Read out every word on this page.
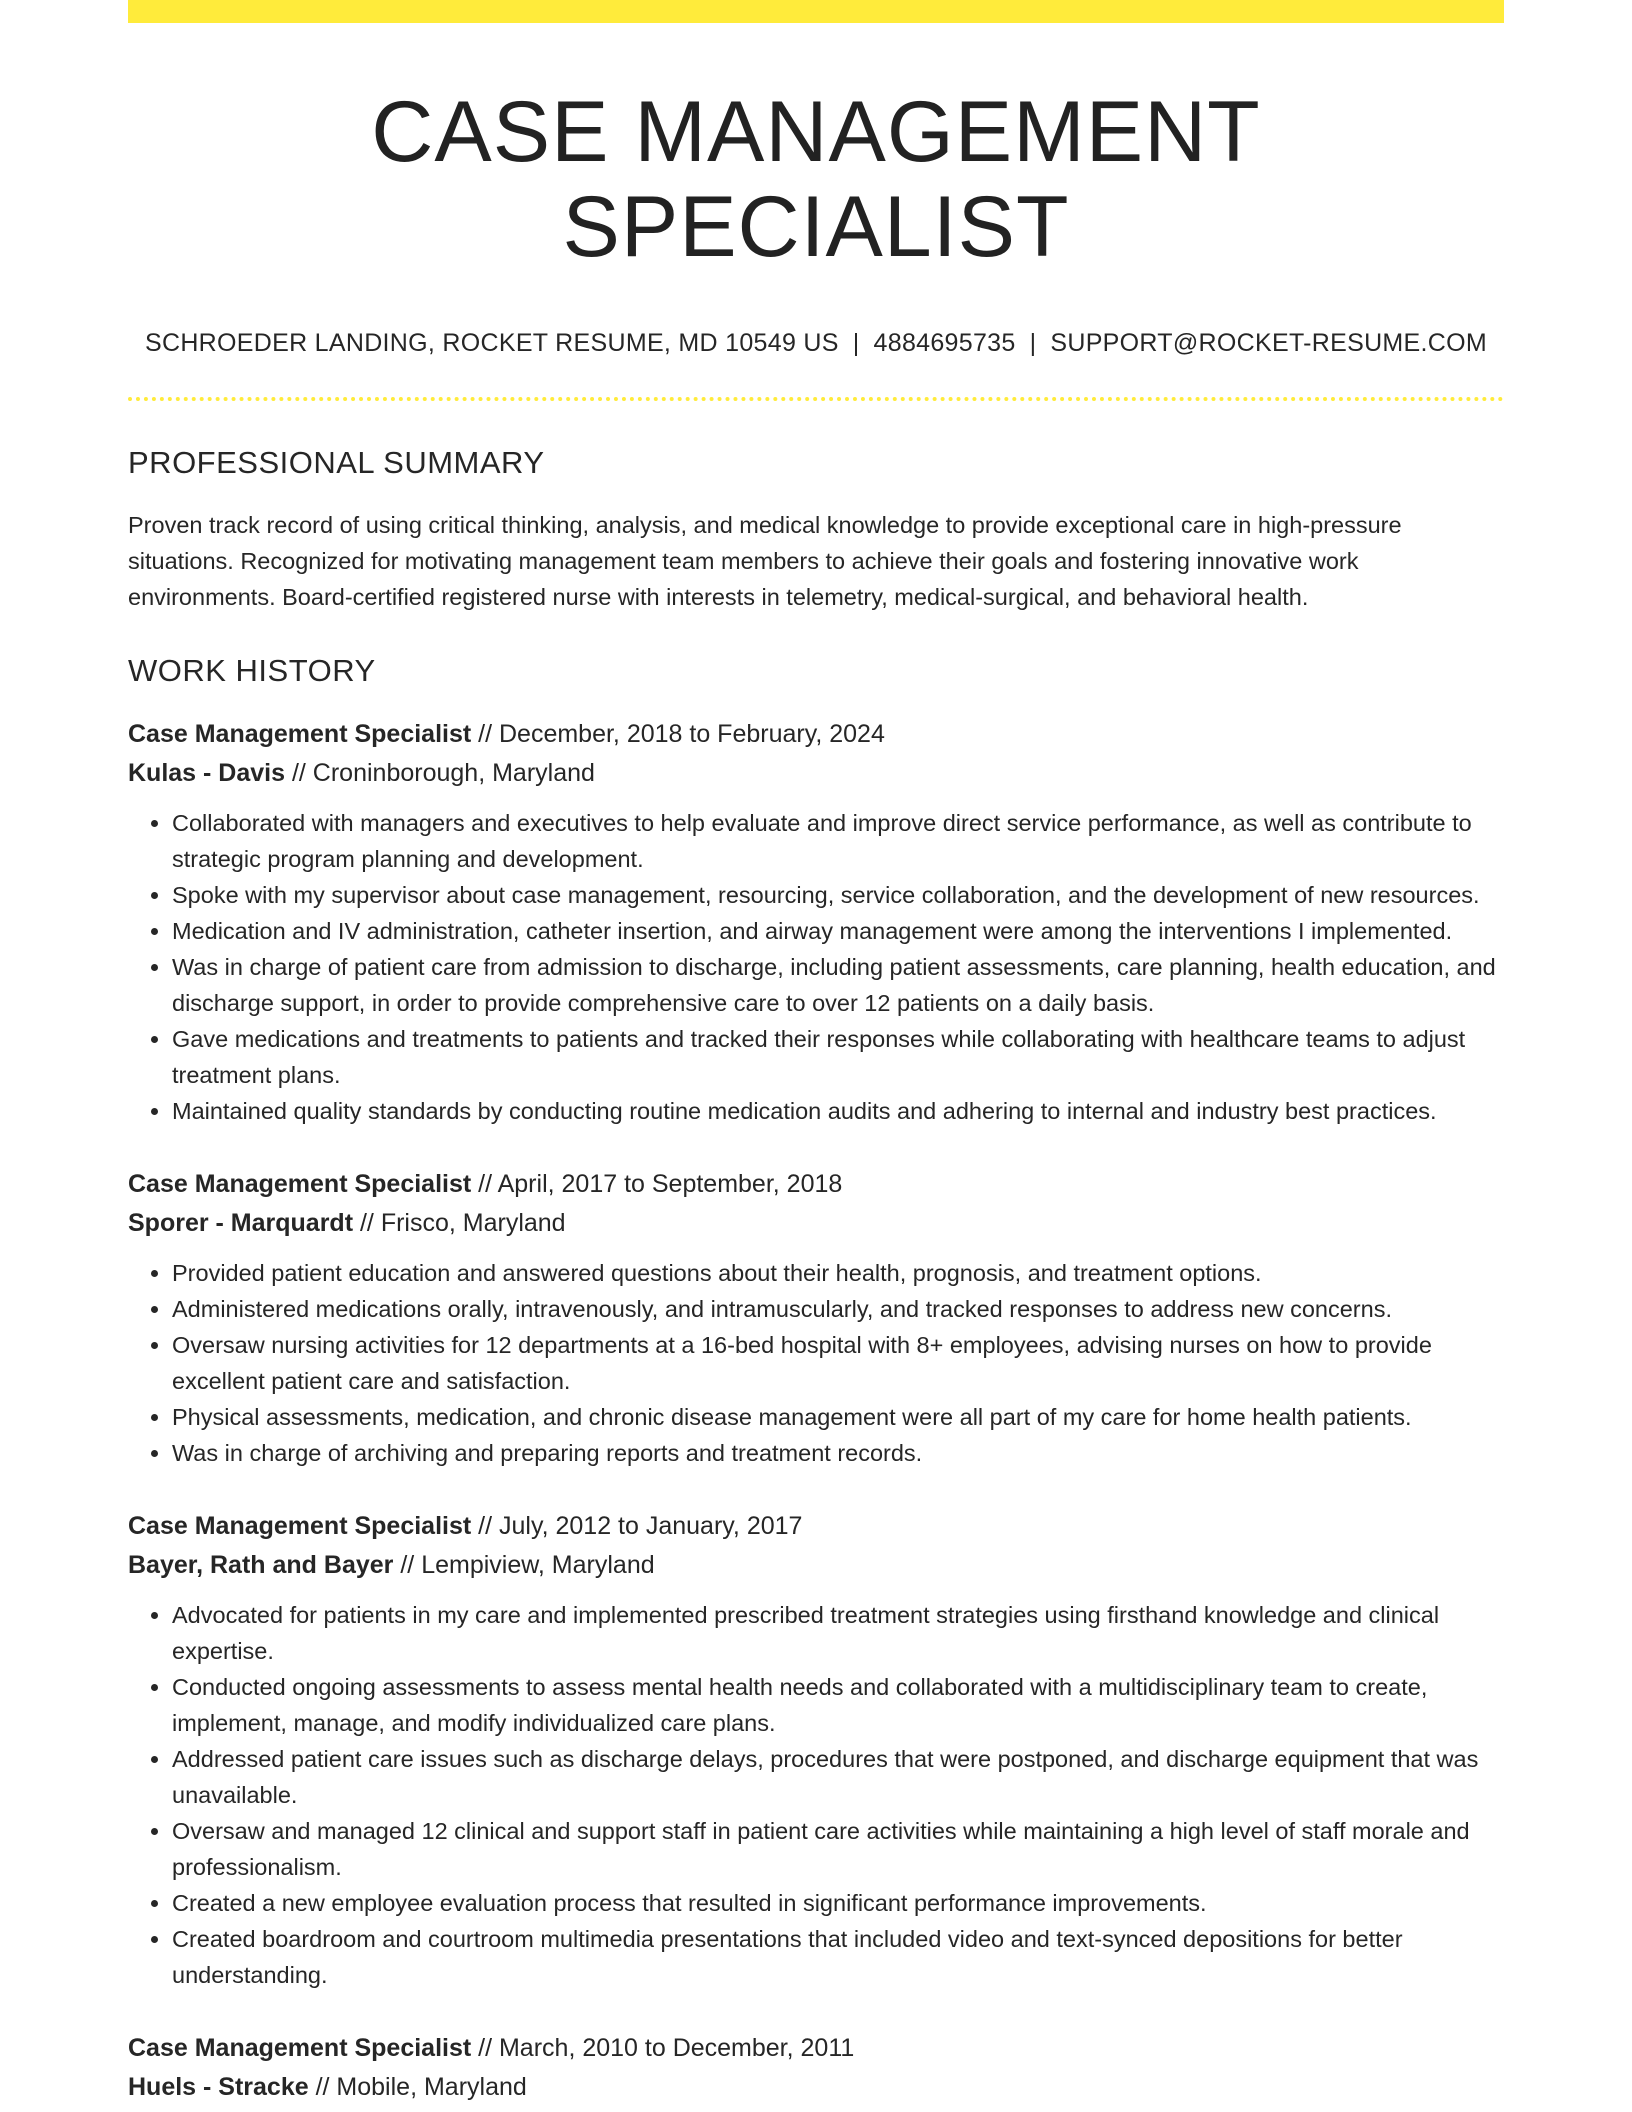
CASE MANAGEMENT SPECIALIST
SCHROEDER LANDING, ROCKET RESUME, MD 10549 US | 4884695735 | SUPPORT@ROCKET-RESUME.COM
PROFESSIONAL SUMMARY

Proven track record of using critical thinking, analysis, and medical knowledge to provide exceptional care in high-pressure situations. Recognized for motivating management team members to achieve their goals and fostering innovative work environments. Board-certified registered nurse with interests in telemetry, medical-surgical, and behavioral health.

WORK HISTORY
Case Management Specialist // December, 2018 to February, 2024
Kulas - Davis // Croninborough, Maryland
• Collaborated with managers and executives to help evaluate and improve direct service performance, as well as contribute to strategic program planning and development.
• Spoke with my supervisor about case management, resourcing, service collaboration, and the development of new resources.
• Medication and IV administration, catheter insertion, and airway management were among the interventions I implemented.
• Was in charge of patient care from admission to discharge, including patient assessments, care planning, health education, and discharge support, in order to provide comprehensive care to over 12 patients on a daily basis.
• Gave medications and treatments to patients and tracked their responses while collaborating with healthcare teams to adjust treatment plans.
• Maintained quality standards by conducting routine medication audits and adhering to internal and industry best practices.
Case Management Specialist // April, 2017 to September, 2018
Sporer - Marquardt // Frisco, Maryland
• Provided patient education and answered questions about their health, prognosis, and treatment options.
• Administered medications orally, intravenously, and intramuscularly, and tracked responses to address new concerns.
• Oversaw nursing activities for 12 departments at a 16-bed hospital with 8+ employees, advising nurses on how to provide excellent patient care and satisfaction.
• Physical assessments, medication, and chronic disease management were all part of my care for home health patients.
• Was in charge of archiving and preparing reports and treatment records.
Case Management Specialist // July, 2012 to January, 2017
Bayer, Rath and Bayer // Lempiview, Maryland
• Advocated for patients in my care and implemented prescribed treatment strategies using firsthand knowledge and clinical expertise.
• Conducted ongoing assessments to assess mental health needs and collaborated with a multidisciplinary team to create, implement, manage, and modify individualized care plans.
• Addressed patient care issues such as discharge delays, procedures that were postponed, and discharge equipment that was unavailable.
• Oversaw and managed 12 clinical and support staff in patient care activities while maintaining a high level of staff morale and professionalism.
• Created a new employee evaluation process that resulted in significant performance improvements.
• Created boardroom and courtroom multimedia presentations that included video and text-synced depositions for better understanding.
Case Management Specialist // March, 2010 to December, 2011
Huels - Stracke // Mobile, Maryland
